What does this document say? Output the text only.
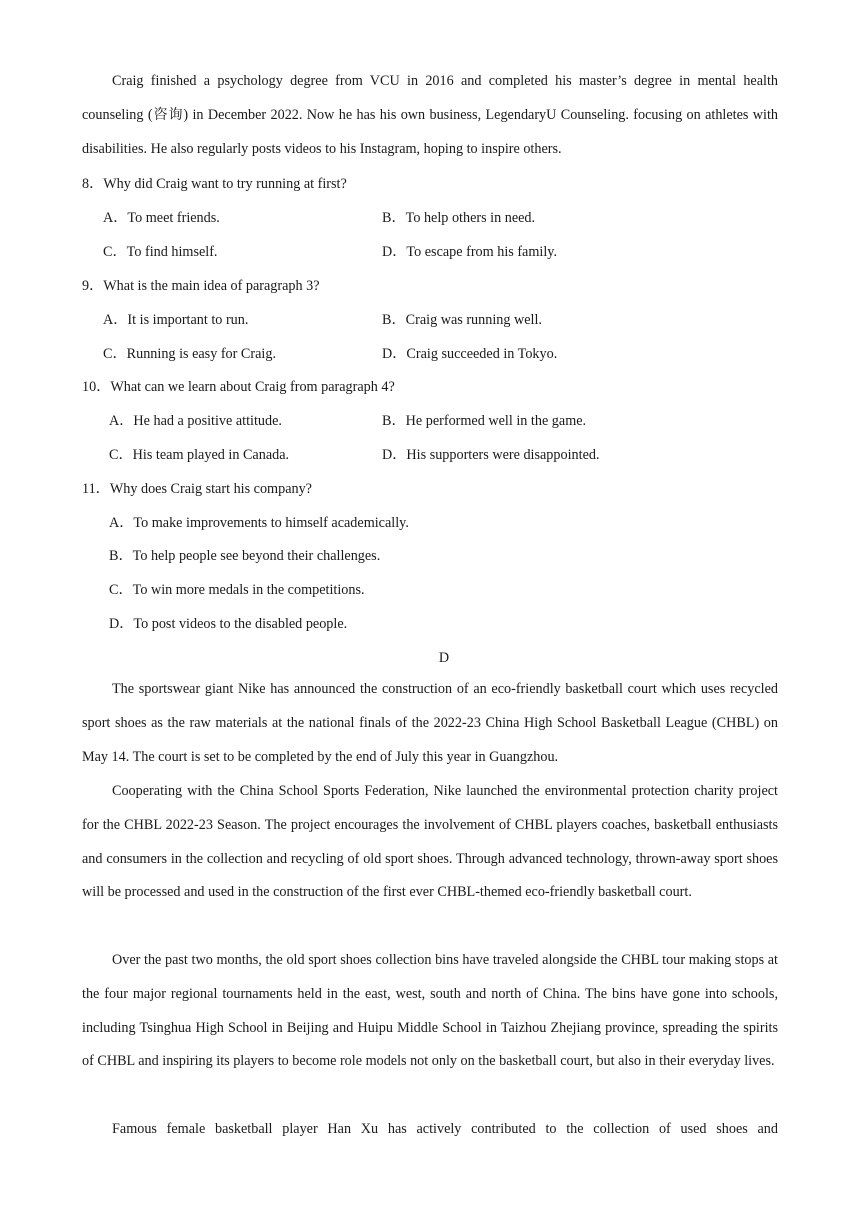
Craig finished a psychology degree from VCU in 2016 and completed his master’s degree in mental health counseling (咨询) in December 2022. Now he has his own business, LegendaryU Counseling. focusing on athletes with disabilities. He also regularly posts videos to his Instagram, hoping to inspire others.

8．Why did Craig want to try running at first?
A．To meet friends.	B．To help others in need.
C．To find himself.	D．To escape from his family.
9．What is the main idea of paragraph 3?
A．It is important to run.	B．Craig was running well.
C．Running is easy for Craig.	D．Craig succeeded in Tokyo.
10．What can we learn about Craig from paragraph 4?
A．He had a positive attitude.	B．He performed well in the game.
C．His team played in Canada.	D．His supporters were disappointed.
11．Why does Craig start his company?
A．To make improvements to himself academically.
B．To help people see beyond their challenges.
C．To win more medals in the competitions.
D．To post videos to the disabled people.
D

The sportswear giant Nike has announced the construction of an eco-friendly basketball court which uses recycled sport shoes as the raw materials at the national finals of the 2022-23 China High School Basketball League (CHBL) on May 14. The court is set to be completed by the end of July this year in Guangzhou.

Cooperating with the China School Sports Federation, Nike launched the environmental protection charity project for the CHBL 2022-23 Season. The project encourages the involvement of CHBL players coaches, basketball enthusiasts and consumers in the collection and recycling of old sport shoes. Through advanced technology, thrown-away sport shoes will be processed and used in the construction of the first ever CHBL-themed eco-friendly basketball court.

Over the past two months, the old sport shoes collection bins have traveled alongside the CHBL tour making stops at the four major regional tournaments held in the east, west, south and north of China. The bins have gone into schools, including Tsinghua High School in Beijing and Huipu Middle School in Taizhou Zhejiang province, spreading the spirits of CHBL and inspiring its players to become role models not only on the basketball court, but also in their everyday lives.

Famous female basketball player Han Xu has actively contributed to the collection of used shoes and
